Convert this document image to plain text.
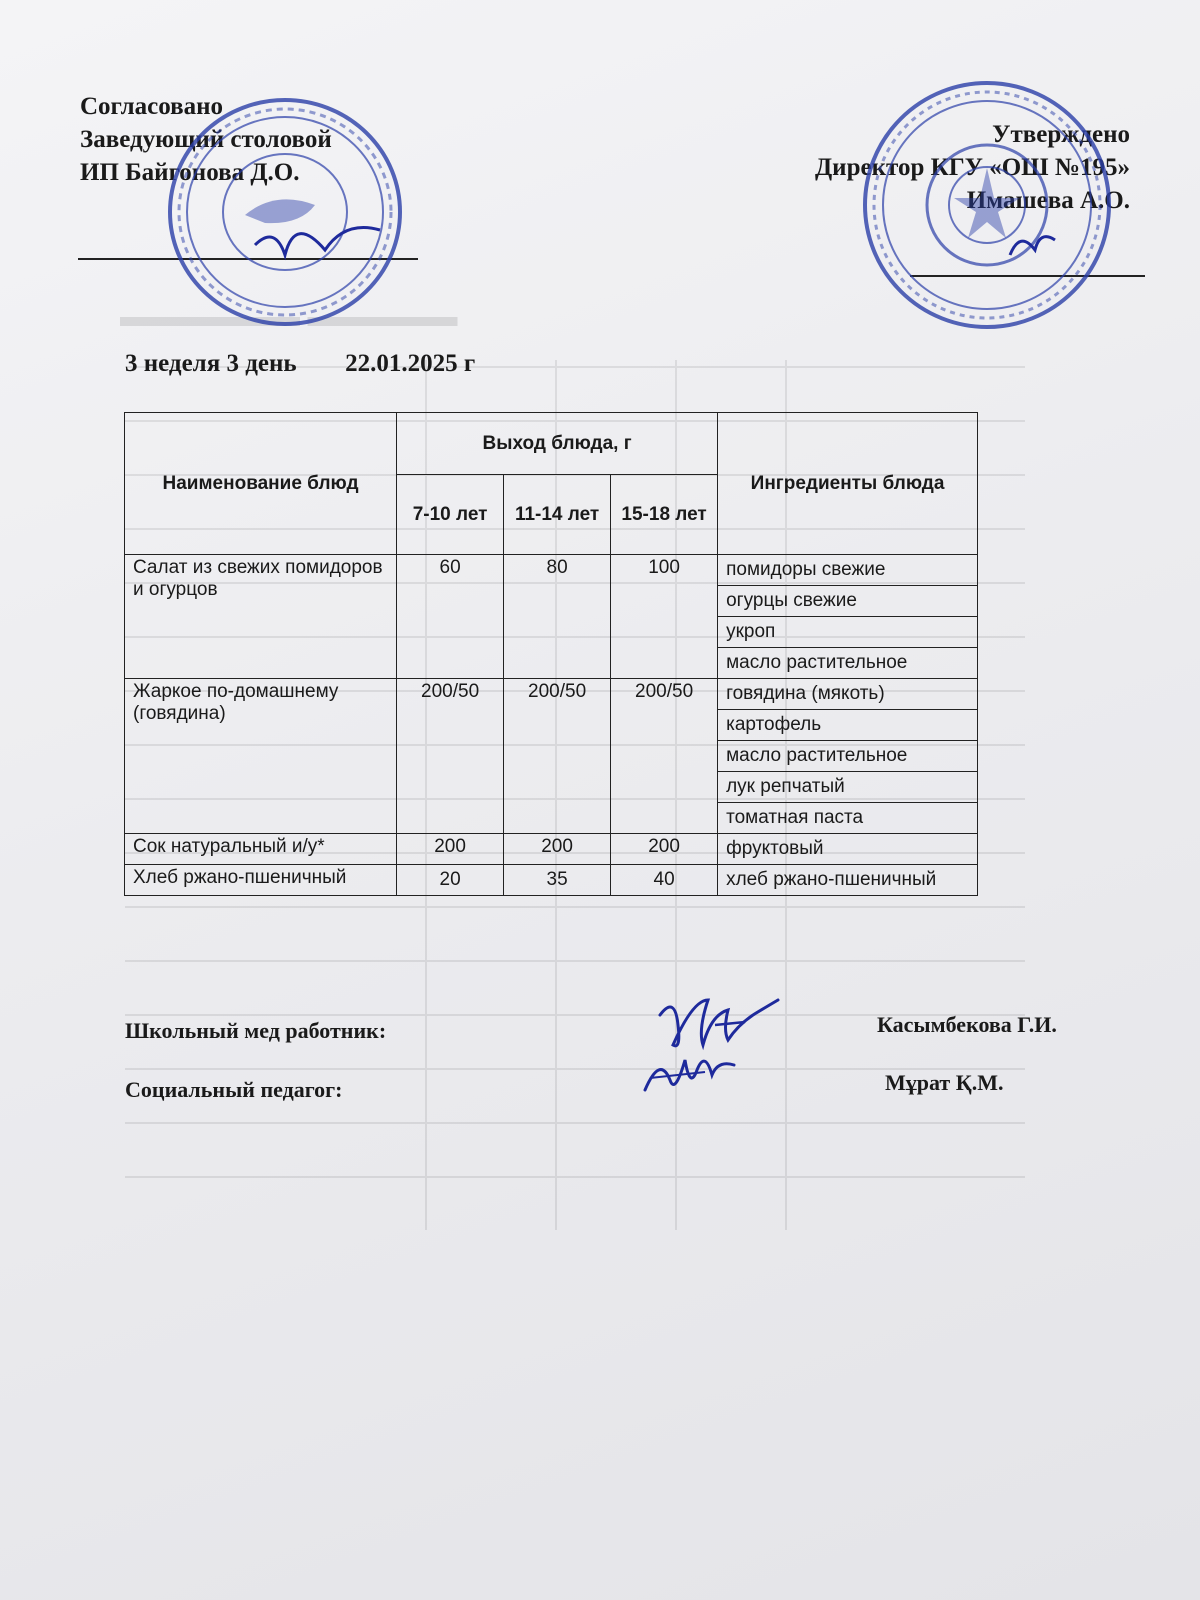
▬▬▬▬▬▬ ▬▬▬▬▬
Согласовано
Заведующий столовой
ИП Байгонова Д.О.
Утверждено
Директор КГУ «ОШ №195»
Имашева А.О.
3 неделя 3 день 22.01.2025 г
Наименование блюд	Выход блюда, г			Ингредиенты блюда
	7-10 лет	11-14 лет	15-18 лет	
Салат из свежих помидоров и огурцов	60	80	100	помидоры свежие
				огурцы свежие
				укроп
				масло растительное
Жаркое по-домашнему (говядина)	200/50	200/50	200/50	говядина (мякоть)
				картофель
				масло растительное
				лук репчатый
				томатная паста
Сок натуральный и/у*	200	200	200	фруктовый
Хлеб ржано-пшеничный	20	35	40	хлеб ржано-пшеничный
Школьный мед работник:	Касымбекова Г.И.
Социальный педагог:	Мұрат Қ.М.
